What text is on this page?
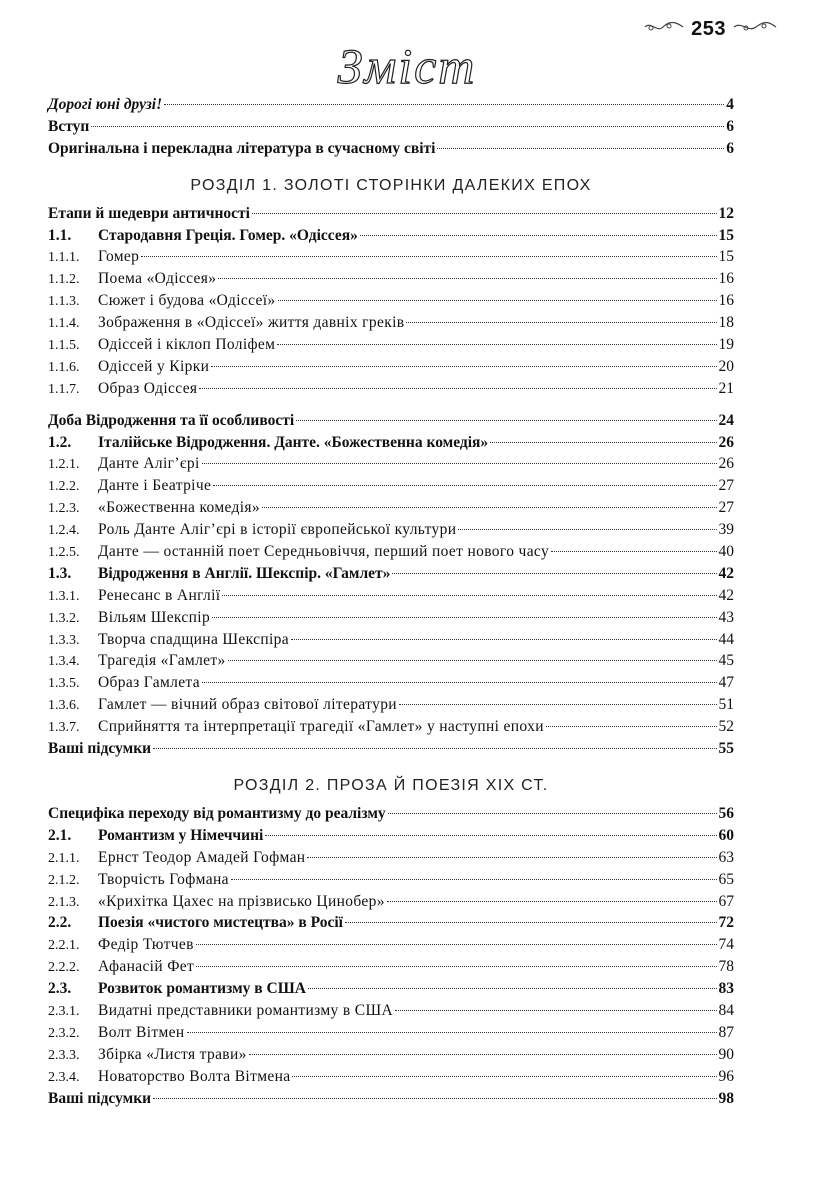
253
Зміст
Дорогі юні друзі!	4
Вступ	6
Оригінальна і перекладна література в сучасному світі	6
РОЗДІЛ 1. ЗОЛОТІ СТОРІНКИ ДАЛЕКИХ ЕПОХ
Етапи й шедеври античності	12
1.1.	Стародавня Греція. Гомер. «Одіссея»	15
1.1.1.	Гомер	15
1.1.2.	Поема «Одіссея»	16
1.1.3.	Сюжет і будова «Одіссеї»	16
1.1.4.	Зображення в «Одіссеї» життя давніх греків	18
1.1.5.	Одіссей і кіклоп Поліфем	19
1.1.6.	Одіссей у Кірки	20
1.1.7.	Образ Одіссея	21
Доба Відродження та її особливості	24
1.2.	Італійське Відродження. Данте. «Божественна комедія»	26
1.2.1.	Данте Аліг’єрі	26
1.2.2.	Данте і Беатріче	27
1.2.3.	«Божественна комедія»	27
1.2.4.	Роль Данте Аліг’єрі в історії європейської культури	39
1.2.5.	Данте — останній поет Середньовіччя, перший поет нового часу	40
1.3.	Відродження в Англії. Шекспір. «Гамлет»	42
1.3.1.	Ренесанс в Англії	42
1.3.2.	Вільям Шекспір	43
1.3.3.	Творча спадщина Шекспіра	44
1.3.4.	Трагедія «Гамлет»	45
1.3.5.	Образ Гамлета	47
1.3.6.	Гамлет — вічний образ світової літератури	51
1.3.7.	Сприйняття та інтерпретації трагедії «Гамлет» у наступні епохи	52
Ваші підсумки	55
РОЗДІЛ 2. ПРОЗА Й ПОЕЗІЯ XIX СТ.
Специфіка переходу від романтизму до реалізму	56
2.1.	Романтизм у Німеччині	60
2.1.1.	Ернст Теодор Амадей Гофман	63
2.1.2.	Творчість Гофмана	65
2.1.3.	«Крихітка Цахес на прізвисько Цинобер»	67
2.2.	Поезія «чистого мистецтва» в Росії	72
2.2.1.	Федір Тютчев	74
2.2.2.	Афанасій Фет	78
2.3.	Розвиток романтизму в США	83
2.3.1.	Видатні представники романтизму в США	84
2.3.2.	Волт Вітмен	87
2.3.3.	Збірка «Листя трави»	90
2.3.4.	Новаторство Волта Вітмена	96
Ваші підсумки	98
